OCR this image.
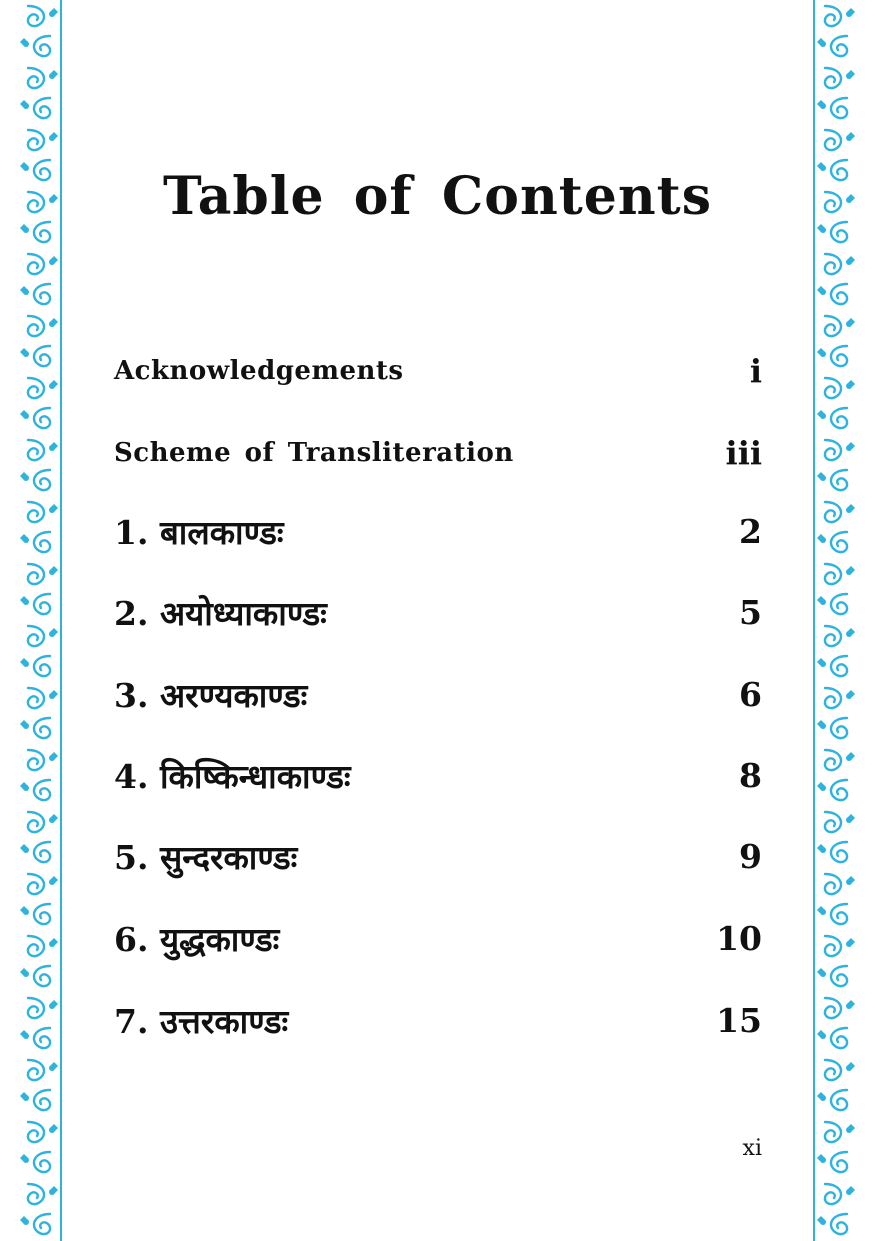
Table of Contents
Acknowledgements	i
Scheme of Transliteration	iii
1. बालकाण्डः	2
2. अयोध्याकाण्डः	5
3. अरण्यकाण्डः	6
4. किष्किन्धाकाण्डः	8
5. सुन्दरकाण्डः	9
6. युद्धकाण्डः	10
7. उत्तरकाण्डः	15
xi
